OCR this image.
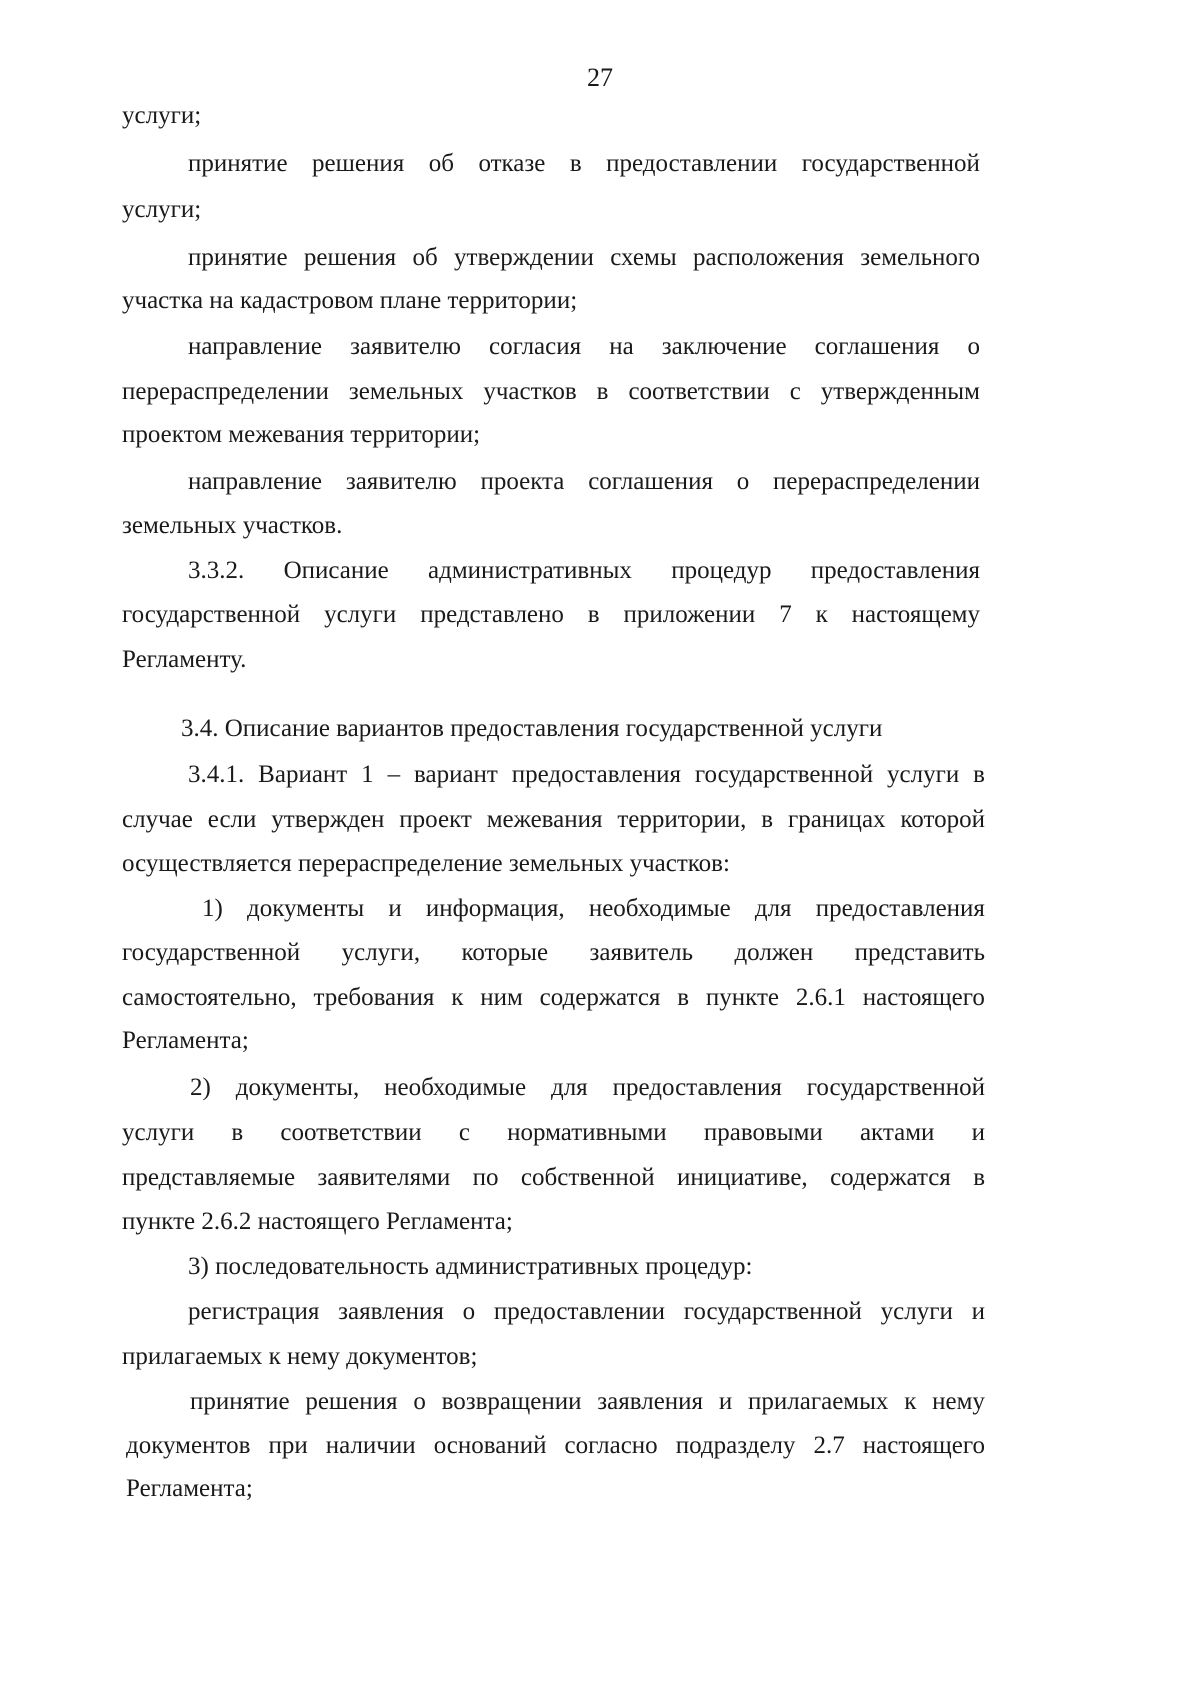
27
услуги;
принятие решения об отказе в предоставлении государственной
услуги;
принятие решения об утверждении схемы расположения земельного
участка на кадастровом плане территории;
направление заявителю согласия на заключение соглашения о
перераспределении земельных участков в соответствии с утвержденным
проектом межевания территории;
направление заявителю проекта соглашения о перераспределении
земельных участков.
3.3.2. Описание административных процедур предоставления
государственной услуги представлено в приложении 7 к настоящему
Регламенту.
3.4. Описание вариантов предоставления государственной услуги
3.4.1. Вариант 1 – вариант предоставления государственной услуги в
случае если утвержден проект межевания территории, в границах которой
осуществляется перераспределение земельных участков:
1) документы и информация, необходимые для предоставления
государственной услуги, которые заявитель должен представить
самостоятельно, требования к ним содержатся в пункте 2.6.1 настоящего
Регламента;
2) документы, необходимые для предоставления государственной
услуги в соответствии с нормативными правовыми актами и
представляемые заявителями по собственной инициативе, содержатся в
пункте 2.6.2 настоящего Регламента;
3) последовательность административных процедур:
регистрация заявления о предоставлении государственной услуги и
прилагаемых к нему документов;
принятие решения о возвращении заявления и прилагаемых к нему
документов при наличии оснований согласно подразделу 2.7 настоящего
Регламента;
